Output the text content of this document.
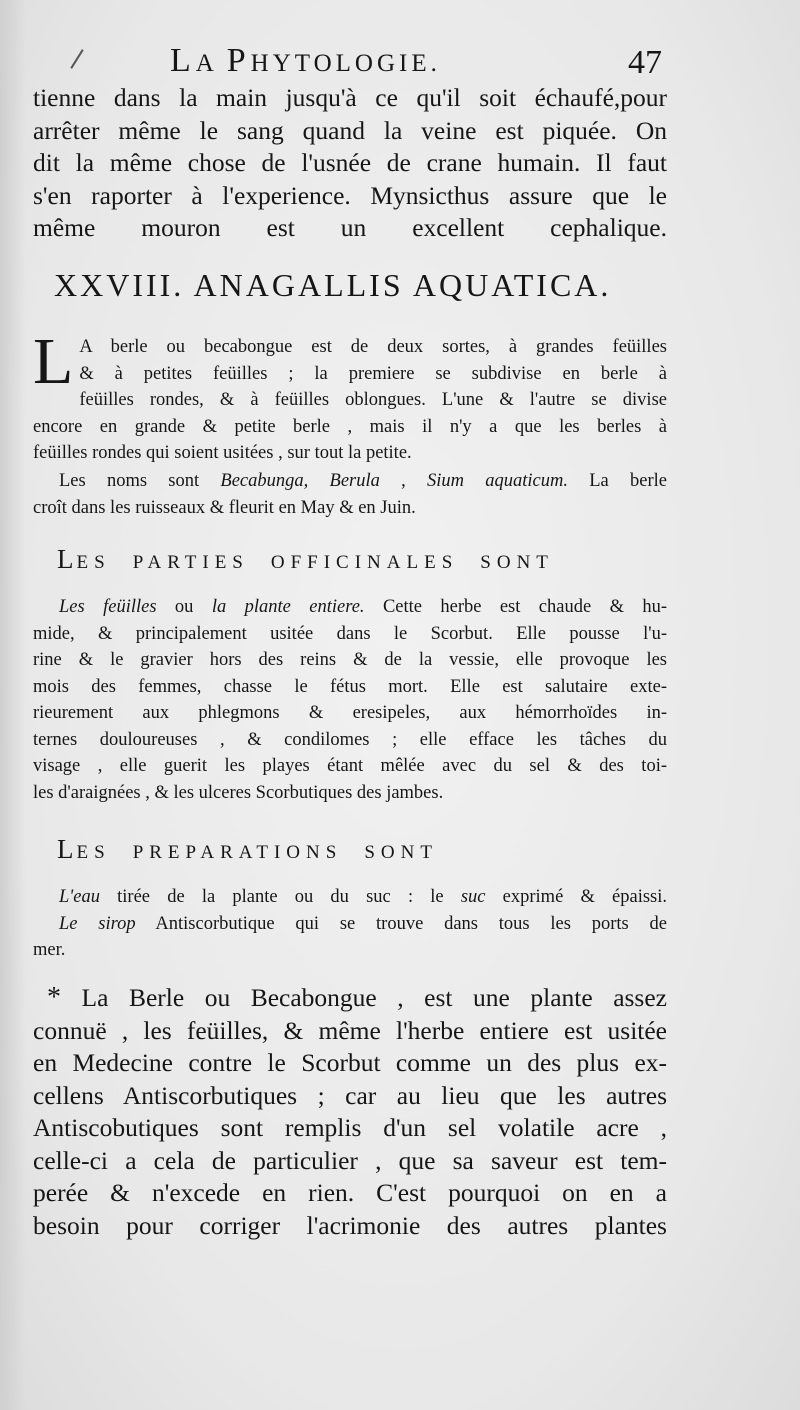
LA PHYTOLOGIE.	47
tienne dans la main jusqu'à ce qu'il soit échaufé,pour
arrêter même le sang quand la veine est piquée. On
dit la même chose de l'usnée de crane humain. Il faut
s'en raporter à l'experience. Mynsicthus assure que le
même mouron est un excellent cephalique.
XXVIII. ANAGALLIS AQUATICA.
L A berle ou becabongue est de deux sortes, à grandes feüilles
& à petites feüilles ; la premiere se subdivise en berle à
feüilles rondes, & à feüilles oblongues. L'une & l'autre se divise
encore en grande & petite berle , mais il n'y a que les berles à
feüilles rondes qui soient usitées , sur tout la petite.
Les noms sont Becabunga, Berula , Sium aquaticum. La berle
croît dans les ruisseaux & fleurit en May & en Juin.
LES PARTIES OFFICINALES SONT
Les feüilles ou la plante entiere. Cette herbe est chaude & hu-
mide, & principalement usitée dans le Scorbut. Elle pousse l'u-
rine & le gravier hors des reins & de la vessie, elle provoque les
mois des femmes, chasse le fétus mort. Elle est salutaire exte-
rieurement aux phlegmons & eresipeles, aux hémorrhoïdes in-
ternes douloureuses , & condilomes ; elle efface les tâches du
visage , elle guerit les playes étant mêlée avec du sel & des toi-
les d'araignées , & les ulceres Scorbutiques des jambes.
LES PREPARATIONS SONT
L'eau tirée de la plante ou du suc : le suc exprimé & épaissi.
Le sirop Antiscorbutique qui se trouve dans tous les ports de
mer.
* La Berle ou Becabongue , est une plante assez
connuë , les feüilles, & même l'herbe entiere est usitée
en Medecine contre le Scorbut comme un des plus ex-
cellens Antiscorbutiques ; car au lieu que les autres
Antiscobutiques sont remplis d'un sel volatile acre ,
celle-ci a cela de particulier , que sa saveur est tem-
perée & n'excede en rien. C'est pourquoi on en a
besoin pour corriger l'acrimonie des autres plantes
